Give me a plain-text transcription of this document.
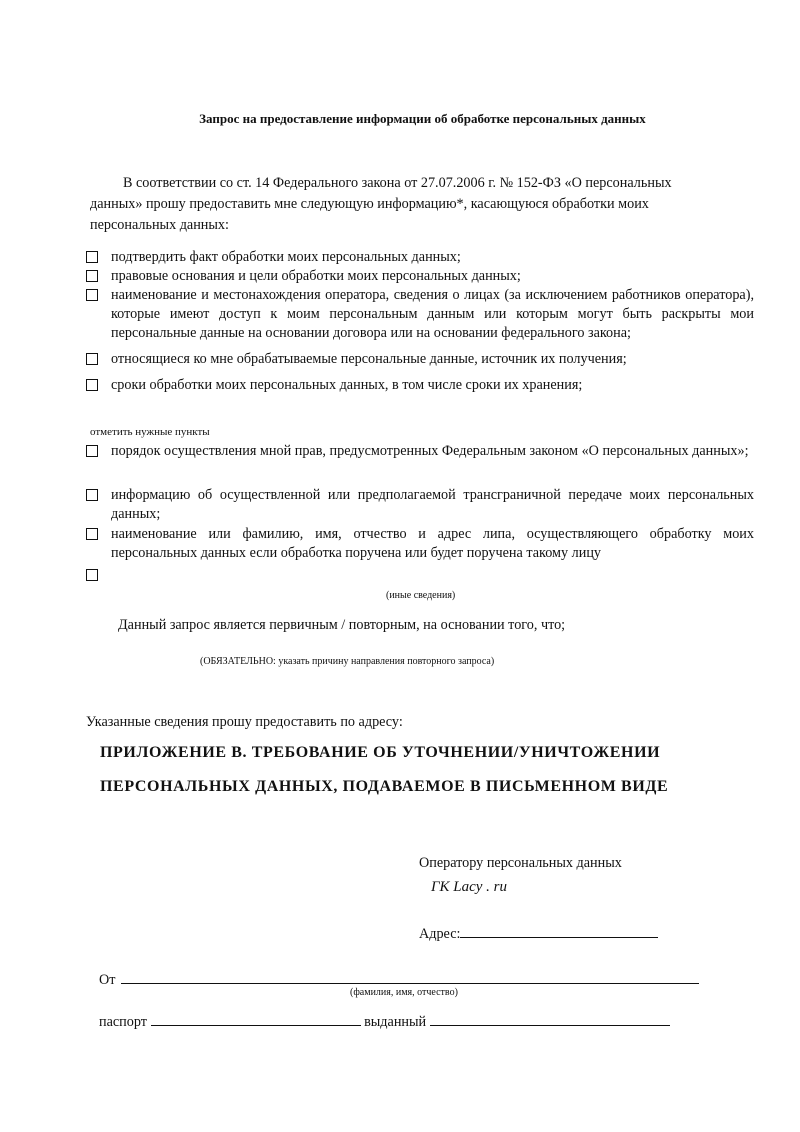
Запрос на предоставление информации об обработке персональных данных
В соответствии со ст. 14 Федерального закона от 27.07.2006 г. № 152-ФЗ «О персональных данных» прошу предоставить мне следующую информацию*, касающуюся обработки моих персональных данных:
подтвердить факт обработки моих персональных данных;
правовые основания и цели обработки моих персональных данных;
наименование и местонахождения оператора, сведения о лицах (за исключением работников оператора), которые имеют доступ к моим персональным данным или которым могут быть раскрыты мои персональные данные на основании договора или на основании федерального закона;
относящиеся ко мне обрабатываемые персональные данные, источник их получения;
сроки обработки моих персональных данных, в том числе сроки их хранения;
отметить нужные пункты
порядок осуществления мной прав, предусмотренных Федеральным законом «О персональных данных»;
информацию об осуществленной или предполагаемой трансграничной передаче моих персональных данных;
наименование или фамилию, имя, отчество и адрес липа, осуществляющего обработку моих персональных данных если обработка поручена или будет поручена такому лицу
(иные сведения)
Данный запрос является первичным / повторным, на основании того, что;
(ОБЯЗАТЕЛЬНО: указать причину направления повторного запроса)
Указанные сведения прошу предоставить по адресу:
ПРИЛОЖЕНИЕ В. ТРЕБОВАНИЕ ОБ УТОЧНЕНИИ/УНИЧТОЖЕНИИ
ПЕРСОНАЛЬНЫХ ДАННЫХ, ПОДАВАЕМОЕ В ПИСЬМЕННОМ ВИДЕ
Оператору персональных данных
ГК Lacy . ru
Адрес:
От
(фамилия, имя, отчество)
паспорт	выданный
